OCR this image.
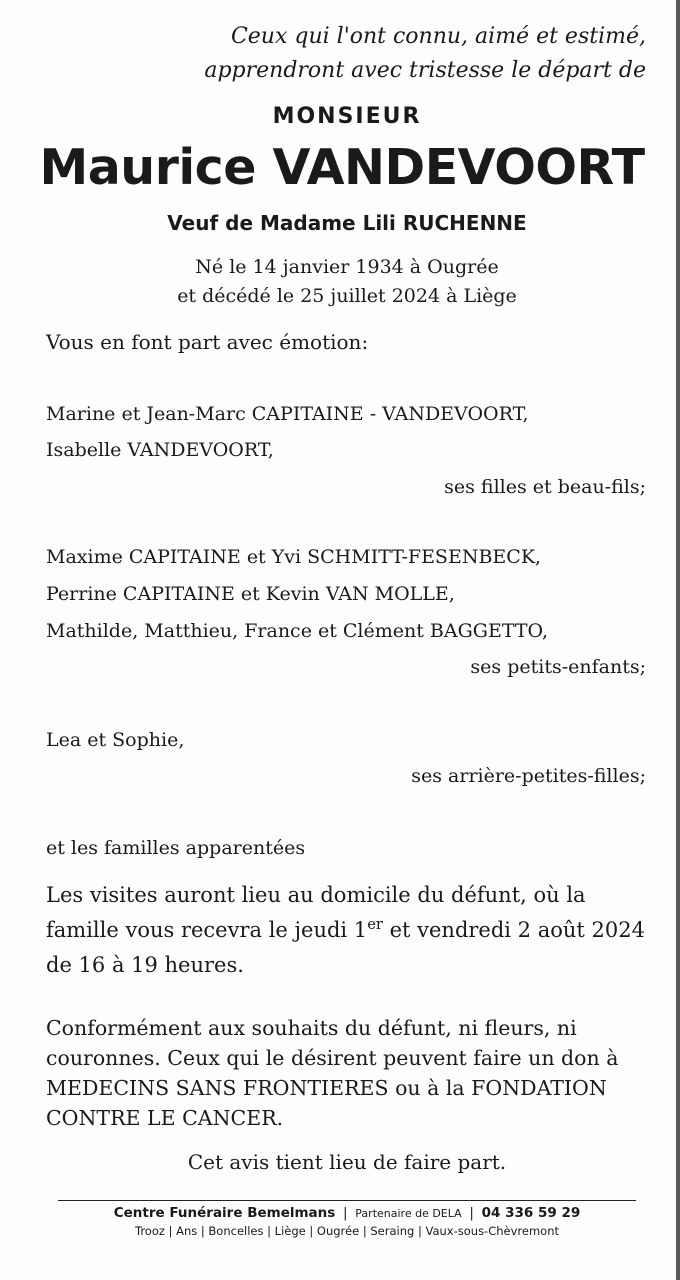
Ceux qui l'ont connu, aimé et estimé,
apprendront avec tristesse le départ de
MONSIEUR
Maurice VANDEVOORT
Veuf de Madame Lili RUCHENNE
Né le 14 janvier 1934 à Ougrée
et décédé le 25 juillet 2024 à Liège
Vous en font part avec émotion:
Marine et Jean-Marc CAPITAINE - VANDEVOORT,
Isabelle VANDEVOORT,
ses filles et beau-fils;
Maxime CAPITAINE et Yvi SCHMITT-FESENBECK,
Perrine CAPITAINE et Kevin VAN MOLLE,
Mathilde, Matthieu, France et Clément BAGGETTO,
ses petits-enfants;
Lea et Sophie,
ses arrière-petites-filles;
et les familles apparentées
Les visites auront lieu au domicile du défunt, où la famille vous recevra le jeudi 1er et vendredi 2 août 2024 de 16 à 19 heures.
Conformément aux souhaits du défunt, ni fleurs, ni couronnes. Ceux qui le désirent peuvent faire un don à MEDECINS SANS FRONTIERES ou à la FONDATION CONTRE LE CANCER.
Cet avis tient lieu de faire part.
Centre Funéraire Bemelmans | Partenaire de DELA | 04 336 59 29
Trooz | Ans | Boncelles | Liège | Ougrée | Seraing | Vaux-sous-Chèvremont
